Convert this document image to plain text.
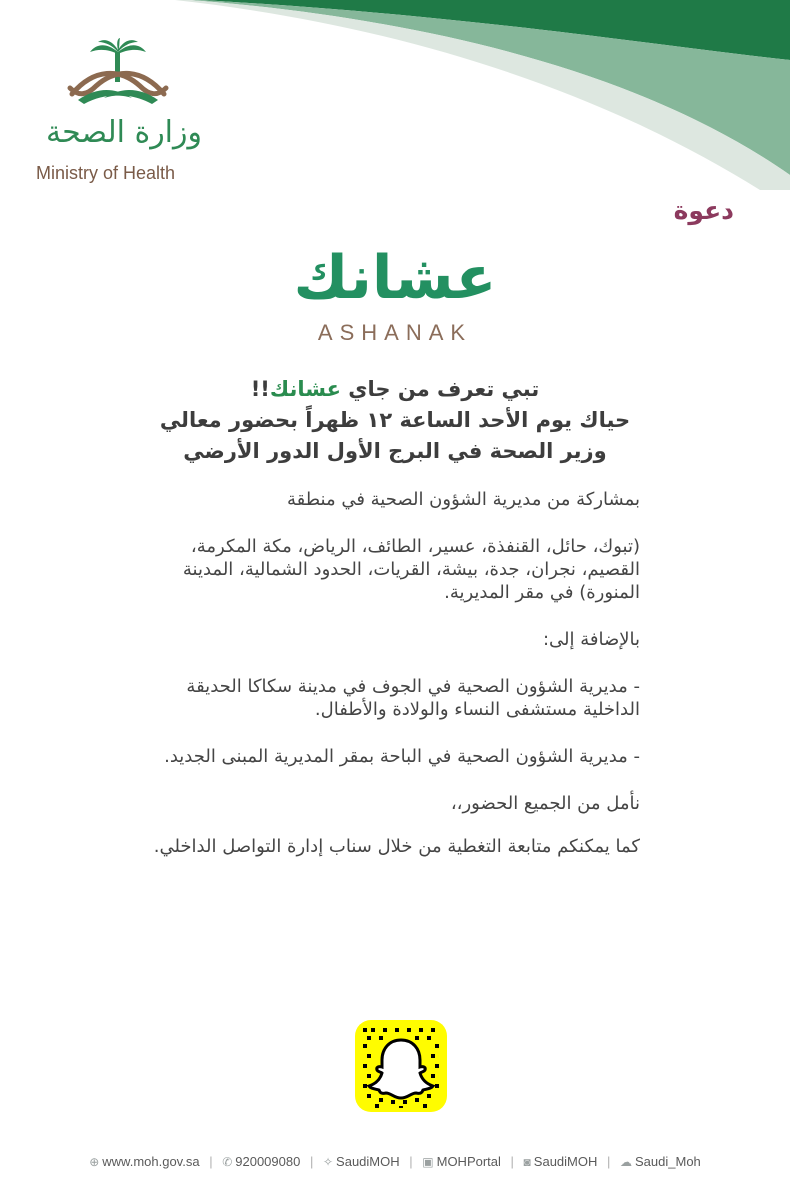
وزارة الصحة
Ministry of Health
دعوة
عشانك
ASHANAK
تبي تعرف من جاي عشانك!!
حياك يوم الأحد الساعة ١٢ ظهراً بحضور معالي
وزير الصحة في البرج الأول الدور الأرضي

بمشاركة من مديرية الشؤون الصحية في منطقة

(تبوك، حائل، القنفذة، عسير، الطائف، الرياض، مكة المكرمة، القصيم، نجران، جدة، بيشة، القريات، الحدود الشمالية، المدينة المنورة) في مقر المديرية.

بالإضافة إلى:

- مديرية الشؤون الصحية في الجوف في مدينة سكاكا الحديقة الداخلية مستشفى النساء والولادة والأطفال.

- مديرية الشؤون الصحية في الباحة بمقر المديرية المبنى الجديد.

نأمل من الجميع الحضور،،

كما يمكنكم متابعة التغطية من خلال سناب إدارة التواصل الداخلي.

⊕ www.moh.gov.sa | ✆ 920009080 | ✧ SaudiMOH | ▣ MOHPortal | ◙ SaudiMOH | ☁ Saudi_Moh
